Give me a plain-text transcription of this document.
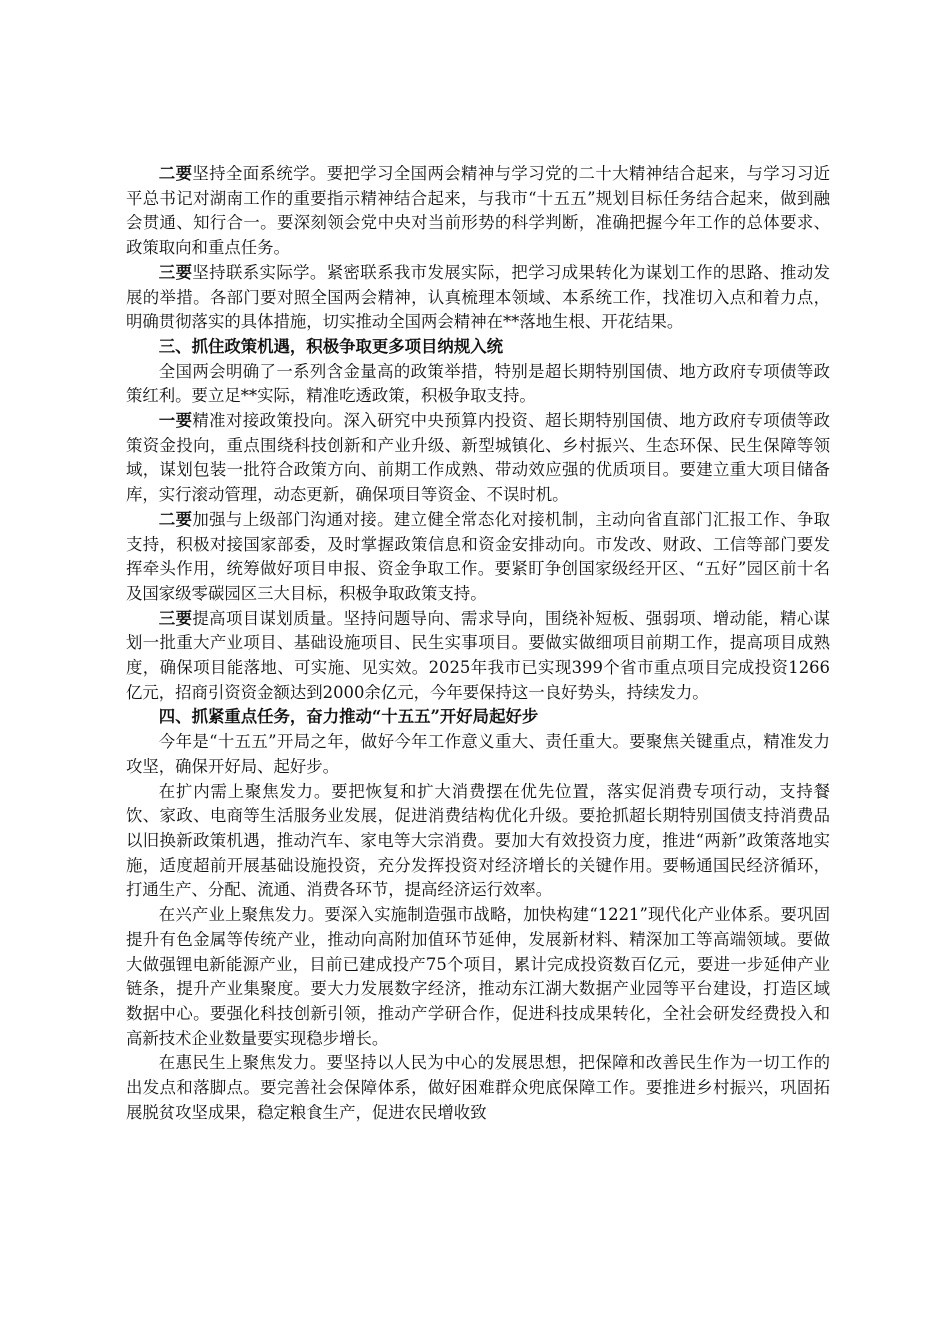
二要坚持全面系统学。要把学习全国两会精神与学习党的二十大精神结合起来，与学习习近平总书记对湖南工作的重要指示精神结合起来，与我市“十五五”规划目标任务结合起来，做到融会贯通、知行合一。要深刻领会党中央对当前形势的科学判断，准确把握今年工作的总体要求、政策取向和重点任务。

三要坚持联系实际学。紧密联系我市发展实际，把学习成果转化为谋划工作的思路、推动发展的举措。各部门要对照全国两会精神，认真梳理本领域、本系统工作，找准切入点和着力点，明确贯彻落实的具体措施，切实推动全国两会精神在**落地生根、开花结果。

三、抓住政策机遇，积极争取更多项目纳规入统

全国两会明确了一系列含金量高的政策举措，特别是超长期特别国债、地方政府专项债等政策红利。要立足**实际，精准吃透政策，积极争取支持。

一要精准对接政策投向。深入研究中央预算内投资、超长期特别国债、地方政府专项债等政策资金投向，重点围绕科技创新和产业升级、新型城镇化、乡村振兴、生态环保、民生保障等领域，谋划包装一批符合政策方向、前期工作成熟、带动效应强的优质项目。要建立重大项目储备库，实行滚动管理，动态更新，确保项目等资金、不误时机。

二要加强与上级部门沟通对接。建立健全常态化对接机制，主动向省直部门汇报工作、争取支持，积极对接国家部委，及时掌握政策信息和资金安排动向。市发改、财政、工信等部门要发挥牵头作用，统筹做好项目申报、资金争取工作。要紧盯争创国家级经开区、“五好”园区前十名及国家级零碳园区三大目标，积极争取政策支持。

三要提高项目谋划质量。坚持问题导向、需求导向，围绕补短板、强弱项、增动能，精心谋划一批重大产业项目、基础设施项目、民生实事项目。要做实做细项目前期工作，提高项目成熟度，确保项目能落地、可实施、见实效。2025年我市已实现399个省市重点项目完成投资1266亿元，招商引资资金额达到2000余亿元，今年要保持这一良好势头，持续发力。

四、抓紧重点任务，奋力推动“十五五”开好局起好步

今年是“十五五”开局之年，做好今年工作意义重大、责任重大。要聚焦关键重点，精准发力攻坚，确保开好局、起好步。

在扩内需上聚焦发力。要把恢复和扩大消费摆在优先位置，落实促消费专项行动，支持餐饮、家政、电商等生活服务业发展，促进消费结构优化升级。要抢抓超长期特别国债支持消费品以旧换新政策机遇，推动汽车、家电等大宗消费。要加大有效投资力度，推进“两新”政策落地实施，适度超前开展基础设施投资，充分发挥投资对经济增长的关键作用。要畅通国民经济循环，打通生产、分配、流通、消费各环节，提高经济运行效率。

在兴产业上聚焦发力。要深入实施制造强市战略，加快构建“1221”现代化产业体系。要巩固提升有色金属等传统产业，推动向高附加值环节延伸，发展新材料、精深加工等高端领域。要做大做强锂电新能源产业，目前已建成投产75个项目，累计完成投资数百亿元，要进一步延伸产业链条，提升产业集聚度。要大力发展数字经济，推动东江湖大数据产业园等平台建设，打造区域数据中心。要强化科技创新引领，推动产学研合作，促进科技成果转化，全社会研发经费投入和高新技术企业数量要实现稳步增长。

在惠民生上聚焦发力。要坚持以人民为中心的发展思想，把保障和改善民生作为一切工作的出发点和落脚点。要完善社会保障体系，做好困难群众兜底保障工作。要推进乡村振兴，巩固拓展脱贫攻坚成果，稳定粮食生产，促进农民增收致
